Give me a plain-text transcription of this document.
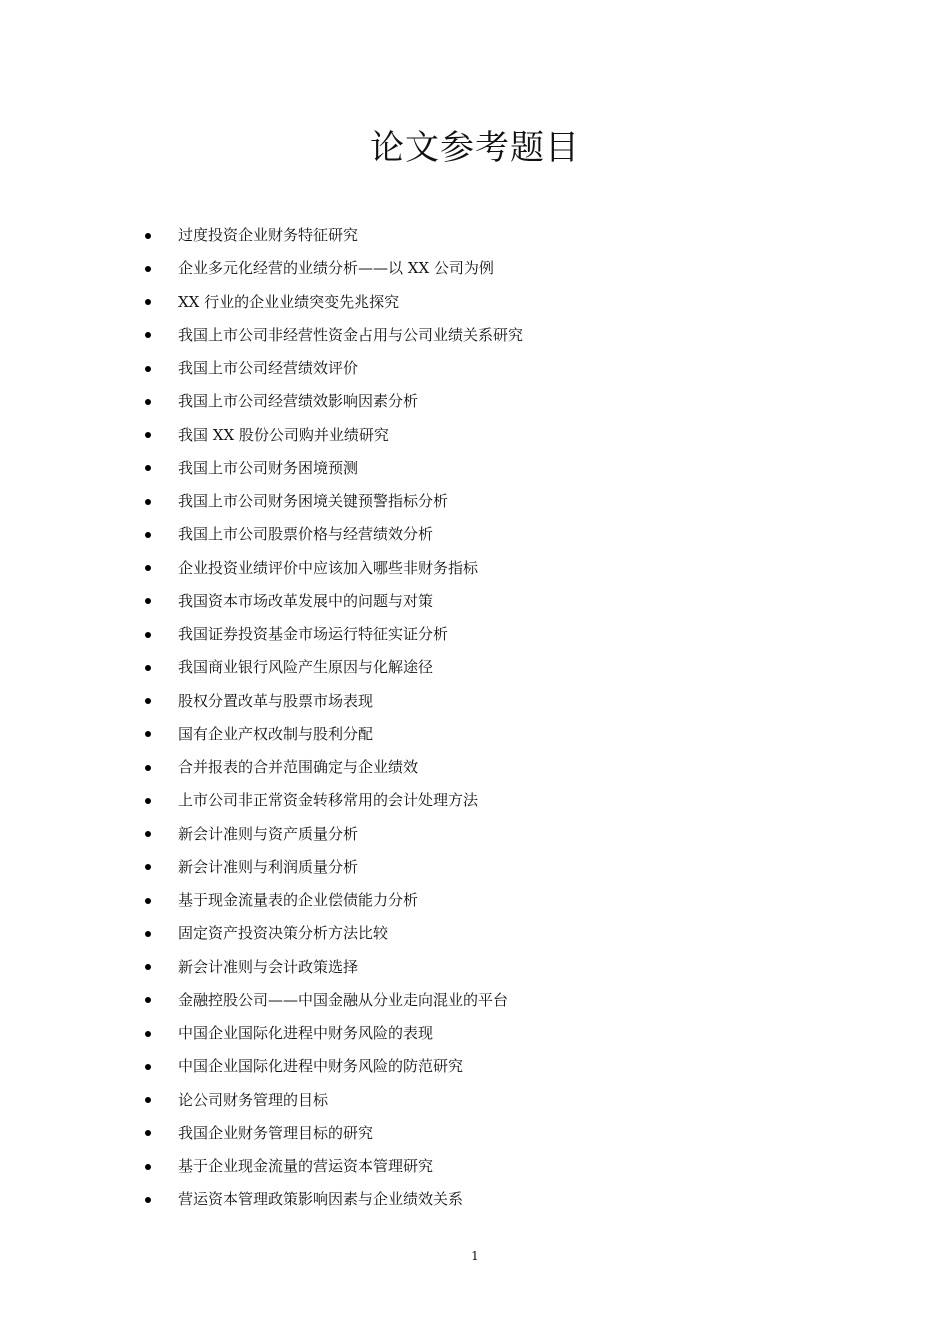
论文参考题目
过度投资企业财务特征研究
企业多元化经营的业绩分析——以 XX 公司为例
XX 行业的企业业绩突变先兆探究
我国上市公司非经营性资金占用与公司业绩关系研究
我国上市公司经营绩效评价
我国上市公司经营绩效影响因素分析
我国 XX 股份公司购并业绩研究
我国上市公司财务困境预测
我国上市公司财务困境关键预警指标分析
我国上市公司股票价格与经营绩效分析
企业投资业绩评价中应该加入哪些非财务指标
我国资本市场改革发展中的问题与对策
我国证券投资基金市场运行特征实证分析
我国商业银行风险产生原因与化解途径
股权分置改革与股票市场表现
国有企业产权改制与股利分配
合并报表的合并范围确定与企业绩效
上市公司非正常资金转移常用的会计处理方法
新会计准则与资产质量分析
新会计准则与利润质量分析
基于现金流量表的企业偿债能力分析
固定资产投资决策分析方法比较
新会计准则与会计政策选择
金融控股公司——中国金融从分业走向混业的平台
中国企业国际化进程中财务风险的表现
中国企业国际化进程中财务风险的防范研究
论公司财务管理的目标
我国企业财务管理目标的研究
基于企业现金流量的营运资本管理研究
营运资本管理政策影响因素与企业绩效关系
1
